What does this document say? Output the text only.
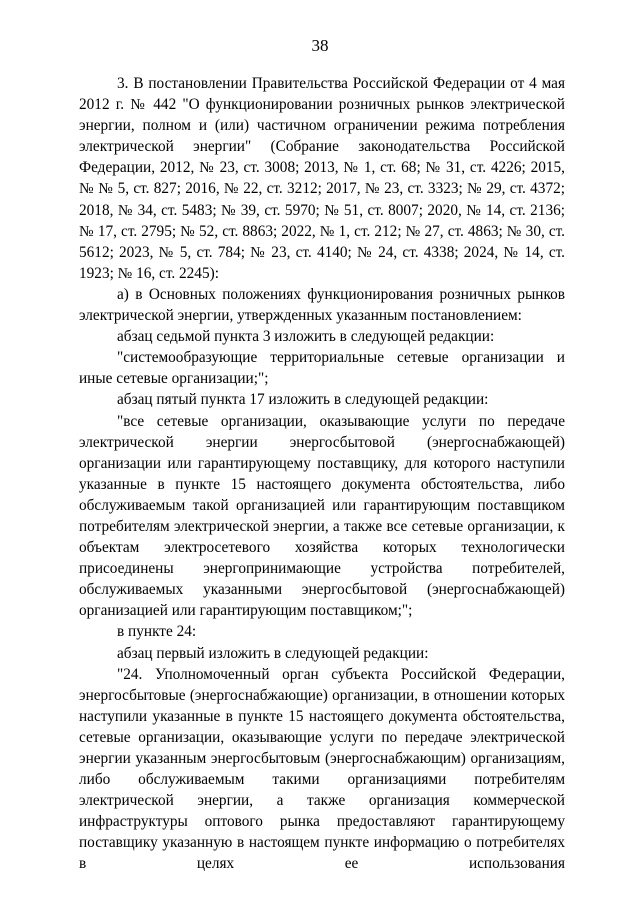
38

3. В постановлении Правительства Российской Федерации от 4 мая 2012 г. № 442 "О функционировании розничных рынков электрической энергии, полном и (или) частичном ограничении режима потребления электрической энергии" (Собрание законодательства Российской Федерации, 2012, № 23, ст. 3008; 2013, № 1, ст. 68; № 31, ст. 4226; 2015, № № 5, ст. 827; 2016, № 22, ст. 3212; 2017, № 23, ст. 3323; № 29, ст. 4372; 2018, № 34, ст. 5483; № 39, ст. 5970; № 51, ст. 8007; 2020, № 14, ст. 2136; № 17, ст. 2795; № 52, ст. 8863; 2022, № 1, ст. 212; № 27, ст. 4863; № 30, ст. 5612; 2023, № 5, ст. 784; № 23, ст. 4140; № 24, ст. 4338; 2024, № 14, ст. 1923; № 16, ст. 2245):

а) в Основных положениях функционирования розничных рынков электрической энергии, утвержденных указанным постановлением:

абзац седьмой пункта 3 изложить в следующей редакции:

"системообразующие территориальные сетевые организации и иные сетевые организации;";

абзац пятый пункта 17 изложить в следующей редакции:

"все сетевые организации, оказывающие услуги по передаче электрической энергии энергосбытовой (энергоснабжающей) организации или гарантирующему поставщику, для которого наступили указанные в пункте 15 настоящего документа обстоятельства, либо обслуживаемым такой организацией или гарантирующим поставщиком потребителям электрической энергии, а также все сетевые организации, к объектам электросетевого хозяйства которых технологически присоединены энергопринимающие устройства потребителей, обслуживаемых указанными энергосбытовой (энергоснабжающей) организацией или гарантирующим поставщиком;";

в пункте 24:

абзац первый изложить в следующей редакции:

"24. Уполномоченный орган субъекта Российской Федерации, энергосбытовые (энергоснабжающие) организации, в отношении которых наступили указанные в пункте 15 настоящего документа обстоятельства, сетевые организации, оказывающие услуги по передаче электрической энергии указанным энергосбытовым (энергоснабжающим) организациям, либо обслуживаемым такими организациями потребителям электрической энергии, а также организация коммерческой инфраструктуры оптового рынка предоставляют гарантирующему поставщику указанную в настоящем пункте информацию о потребителях в целях ее использования
